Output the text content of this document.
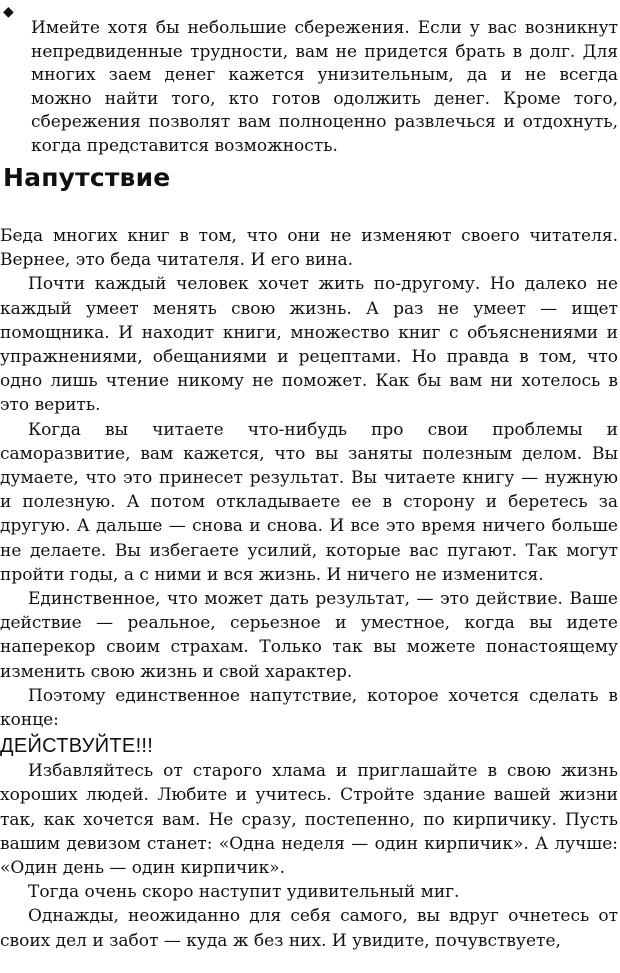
◆

Имейте хотя бы небольшие сбережения. Если у вас возникнут непредвиденные трудности, вам не придется брать в долг. Для многих заем денег кажется унизительным, да и не всегда можно найти того, кто готов одолжить денег. Кроме того, сбережения позволят вам полноценно развлечься и отдохнуть, когда представится возможность.

Напутствие

Беда многих книг в том, что они не изменяют своего читателя. Вернее, это беда читателя. И его вина.

Почти каждый человек хочет жить по-другому. Но далеко не каждый умеет менять свою жизнь. А раз не умеет — ищет помощника. И находит книги, множество книг с объяснениями и упражнениями, обещаниями и рецептами. Но правда в том, что одно лишь чтение никому не поможет. Как бы вам ни хотелось в это верить.

Когда вы читаете что-нибудь про свои проблемы и саморазвитие, вам кажется, что вы заняты полезным делом. Вы думаете, что это принесет результат. Вы читаете книгу — нужную и полезную. А потом откладываете ее в сторону и беретесь за другую. А дальше — снова и снова. И все это время ничего больше не делаете. Вы избегаете усилий, которые вас пугают. Так могут пройти годы, а с ними и вся жизнь. И ничего не изменится.

Единственное, что может дать результат, — это действие. Ваше действие — реальное, серьезное и уместное, когда вы идете наперекор своим страхам. Только так вы можете понастоящему изменить свою жизнь и свой характер.

Поэтому единственное напутствие, которое хочется сделать в конце:

ДЕЙСТВУЙТЕ!!!

Избавляйтесь от старого хлама и приглашайте в свою жизнь хороших людей. Любите и учитесь. Стройте здание вашей жизни так, как хочется вам. Не сразу, постепенно, по кирпичику. Пусть вашим девизом станет: «Одна неделя — один кирпичик». А лучше: «Один день — один кирпичик».

Тогда очень скоро наступит удивительный миг.

Однажды, неожиданно для себя самого, вы вдруг очнетесь от своих дел и забот — куда ж без них. И увидите, почувствуете,
